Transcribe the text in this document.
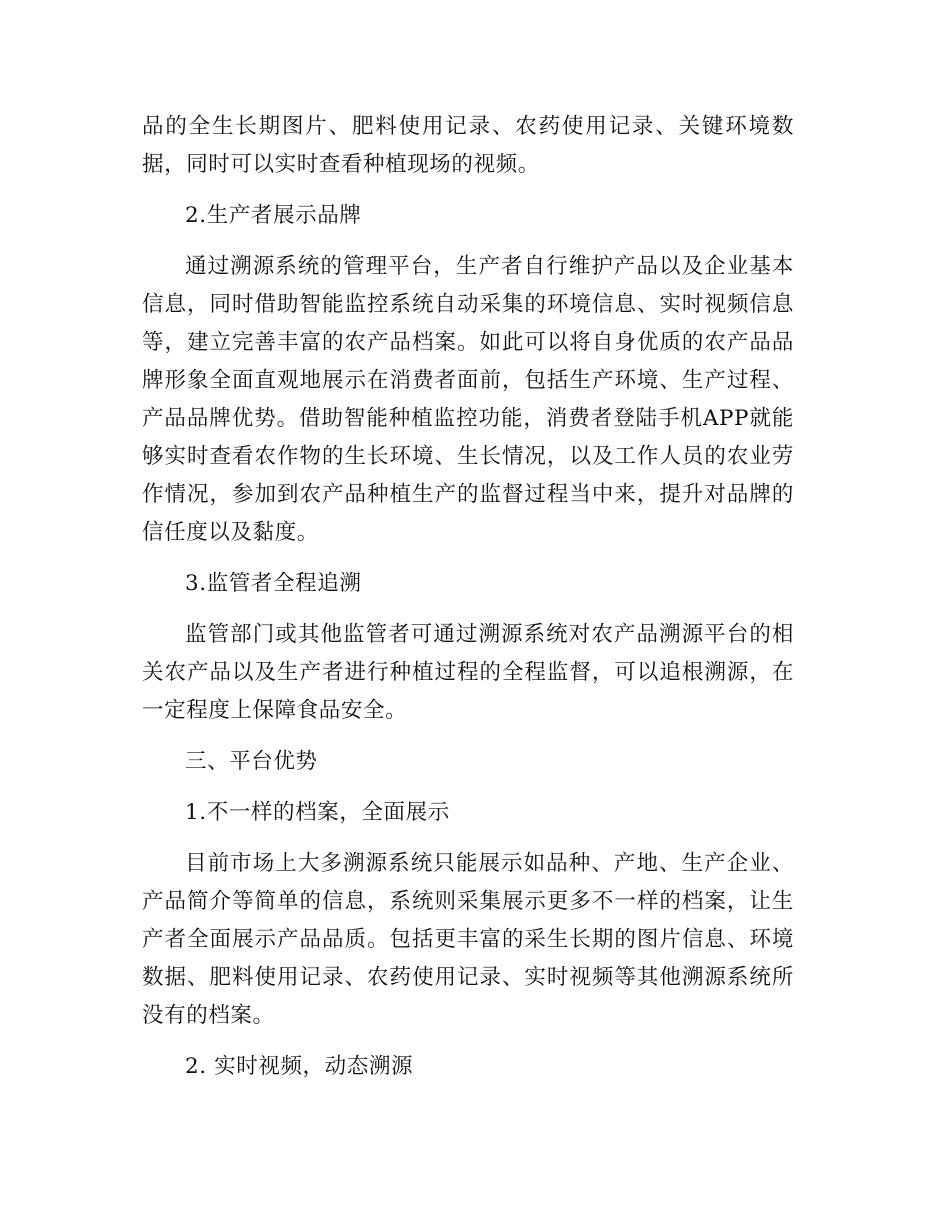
品的全生长期图片、肥料使用记录、农药使用记录、关键环境数据，同时可以实时查看种植现场的视频。

2.生产者展示品牌

通过溯源系统的管理平台，生产者自行维护产品以及企业基本信息，同时借助智能监控系统自动采集的环境信息、实时视频信息等，建立完善丰富的农产品档案。如此可以将自身优质的农产品品牌形象全面直观地展示在消费者面前，包括生产环境、生产过程、产品品牌优势。借助智能种植监控功能，消费者登陆手机APP就能够实时查看农作物的生长环境、生长情况，以及工作人员的农业劳作情况，参加到农产品种植生产的监督过程当中来，提升对品牌的信任度以及黏度。

3.监管者全程追溯

监管部门或其他监管者可通过溯源系统对农产品溯源平台的相关农产品以及生产者进行种植过程的全程监督，可以追根溯源，在一定程度上保障食品安全。

三、平台优势

1.不一样的档案，全面展示

目前市场上大多溯源系统只能展示如品种、产地、生产企业、产品简介等简单的信息，系统则采集展示更多不一样的档案，让生产者全面展示产品品质。包括更丰富的采生长期的图片信息、环境数据、肥料使用记录、农药使用记录、实时视频等其他溯源系统所没有的档案。

2. 实时视频，动态溯源
